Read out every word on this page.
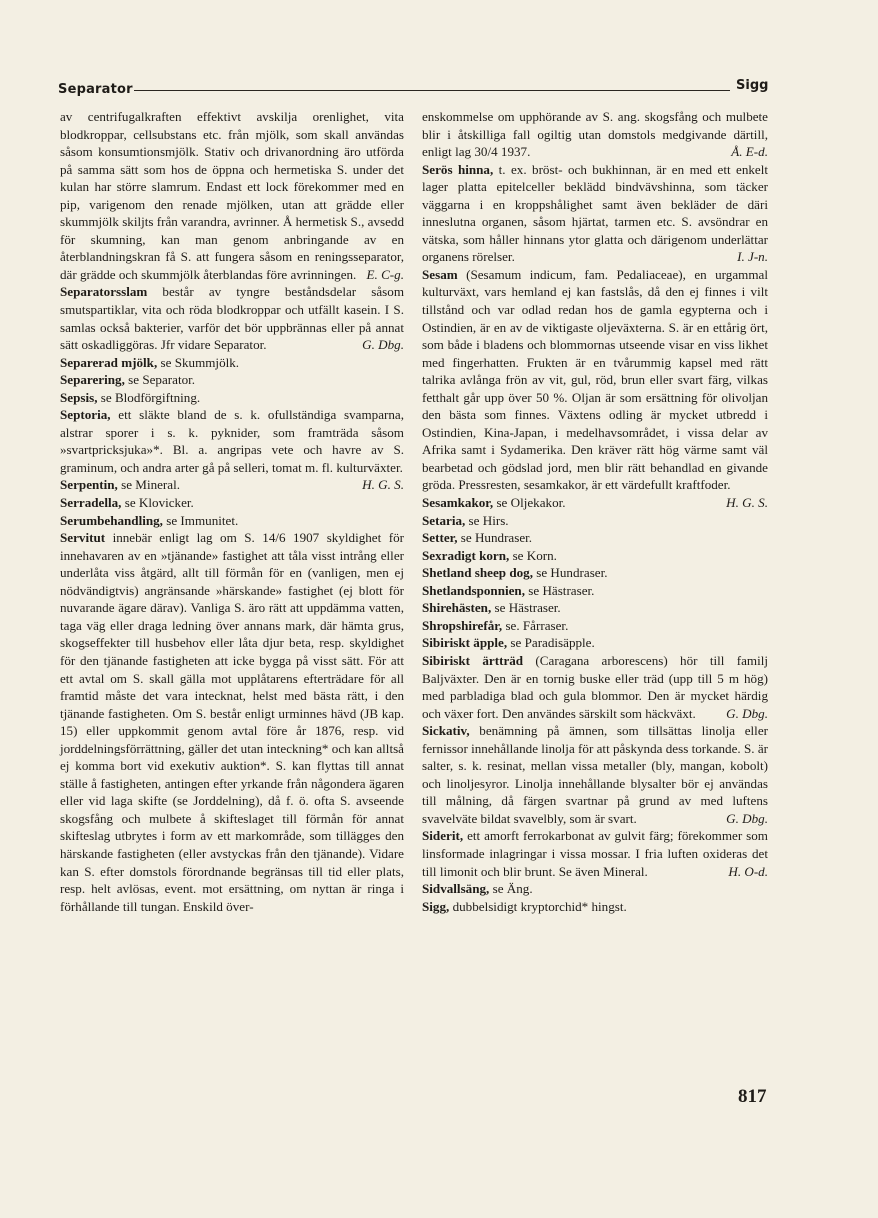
Separator	Sigg

av centrifugalkraften effektivt avskilja orenlighet, vita blodkroppar, cellsubstans etc. från mjölk, som skall användas såsom konsumtionsmjölk. Stativ och drivanordning äro utförda på samma sätt som hos de öppna och hermetiska S. under det kulan har större slamrum. Endast ett lock förekommer med en pip, varigenom den renade mjölken, utan att grädde eller skummjölk skiljts från varandra, avrinner. Å hermetisk S., avsedd för skumning, kan man genom anbringande av en återblandningskran få S. att fungera såsom en reningsseparator, där grädde och skummjölk återblandas före avrinningen. E. C-g.

Separatorsslam består av tyngre beståndsdelar såsom smutspartiklar, vita och röda blodkroppar och utfällt kasein. I S. samlas också bakterier, varför det bör uppbrännas eller på annat sätt oskadliggöras. Jfr vidare Separator.	G. Dbg.

Separerad mjölk, se Skummjölk.

Separering, se Separator.

Sepsis, se Blodförgiftning.

Septoria, ett släkte bland de s. k. ofullständiga svamparna, alstrar sporer i s. k. pyknider, som framträda såsom »svartpricksjuka»*. Bl. a. angripas vete och havre av S. graminum, och andra arter gå på selleri, tomat m. fl. kulturväxter.
H. G. S.

Serpentin, se Mineral.

Serradella, se Klovicker.

Serumbehandling, se Immunitet.

Servitut innebär enligt lag om S. 14/6 1907 skyldighet för innehavaren av en »tjänande» fastighet att tåla visst intrång eller underlåta viss åtgärd, allt till förmån för en (vanligen, men ej nödvändigtvis) angränsande »härskande» fastighet (ej blott för nuvarande ägare därav). Vanliga S. äro rätt att uppdämma vatten, taga väg eller draga ledning över annans mark, där hämta grus, skogseffekter till husbehov eller låta djur beta, resp. skyldighet för den tjänande fastigheten att icke bygga på visst sätt. För att ett avtal om S. skall gälla mot upplåtarens efterträdare för all framtid måste det vara intecknat, helst med bästa rätt, i den tjänande fastigheten. Om S. består enligt urminnes hävd (JB kap. 15) eller uppkommit genom avtal före år 1876, resp. vid jorddelningsförrättning, gäller det utan inteckning* och kan alltså ej komma bort vid exekutiv auktion*. S. kan flyttas till annat ställe å fastigheten, antingen efter yrkande från någondera ägaren eller vid laga skifte (se Jorddelning), då f. ö. ofta S. avseende skogsfång och mulbete å skifteslaget till förmån för annat skifteslag utbrytes i form av ett markområde, som tillägges den härskande fastigheten (eller avstyckas från den tjänande). Vidare kan S. efter domstols förordnande begränsas till tid eller plats, resp. helt avlösas, event. mot ersättning, om nyttan är ringa i förhållande till tungan. Enskild över-

enskommelse om upphörande av S. ang. skogsfång och mulbete blir i åtskilliga fall ogiltig utan domstols medgivande därtill, enligt lag 30/4 1937.	Å. E-d.

Serös hinna, t. ex. bröst- och bukhinnan, är en med ett enkelt lager platta epitelceller beklädd bindvävshinna, som täcker väggarna i en kroppshålighet samt även bekläder de däri inneslutna organen, såsom hjärtat, tarmen etc. S. avsöndrar en vätska, som håller hinnans ytor glatta och därigenom underlättar organens rörelser.	I. J-n.

Sesam (Sesamum indicum, fam. Pedaliaceae), en urgammal kulturväxt, vars hemland ej kan fastslås, då den ej finnes i vilt tillstånd och var odlad redan hos de gamla egypterna och i Ostindien, är en av de viktigaste oljeväxterna. S. är en ettårig ört, som både i bladens och blommornas utseende visar en viss likhet med fingerhatten. Frukten är en tvårummig kapsel med rätt talrika avlånga frön av vit, gul, röd, brun eller svart färg, vilkas fetthalt går upp över 50 %. Oljan är som ersättning för olivoljan den bästa som finnes. Växtens odling är mycket utbredd i Ostindien, Kina-Japan, i medelhavsområdet, i vissa delar av Afrika samt i Sydamerika. Den kräver rätt hög värme samt väl bearbetad och gödslad jord, men blir rätt behandlad en givande gröda. Pressresten, sesamkakor, är ett värdefullt kraftfoder.
H. G. S.

Sesamkakor, se Oljekakor.

Setaria, se Hirs.

Setter, se Hundraser.

Sexradigt korn, se Korn.

Shetland sheep dog, se Hundraser.

Shetlandsponnien, se Hästraser.

Shirehästen, se Hästraser.

Shropshirefår, se. Fårraser.

Sibiriskt äpple, se Paradisäpple.

Sibiriskt ärtträd (Caragana arborescens) hör till familj Baljväxter. Den är en tornig buske eller träd (upp till 5 m hög) med parbladiga blad och gula blommor. Den är mycket härdig och växer fort. Den användes särskilt som häckväxt.	G. Dbg.

Sickativ, benämning på ämnen, som tillsättas linolja eller fernissor innehållande linolja för att påskynda dess torkande. S. är salter, s. k. resinat, mellan vissa metaller (bly, mangan, kobolt) och linoljesyror. Linolja innehållande blysalter bör ej användas till målning, då färgen svartnar på grund av med luftens svavelväte bildat svavelbly, som är svart.	G. Dbg.

Siderit, ett amorft ferrokarbonat av gulvit färg; förekommer som linsformade inlagringar i vissa mossar. I fria luften oxideras det till limonit och blir brunt. Se även Mineral.	H. O-d.

Sidvallsäng, se Äng.

Sigg, dubbelsidigt kryptorchid* hingst.

817
